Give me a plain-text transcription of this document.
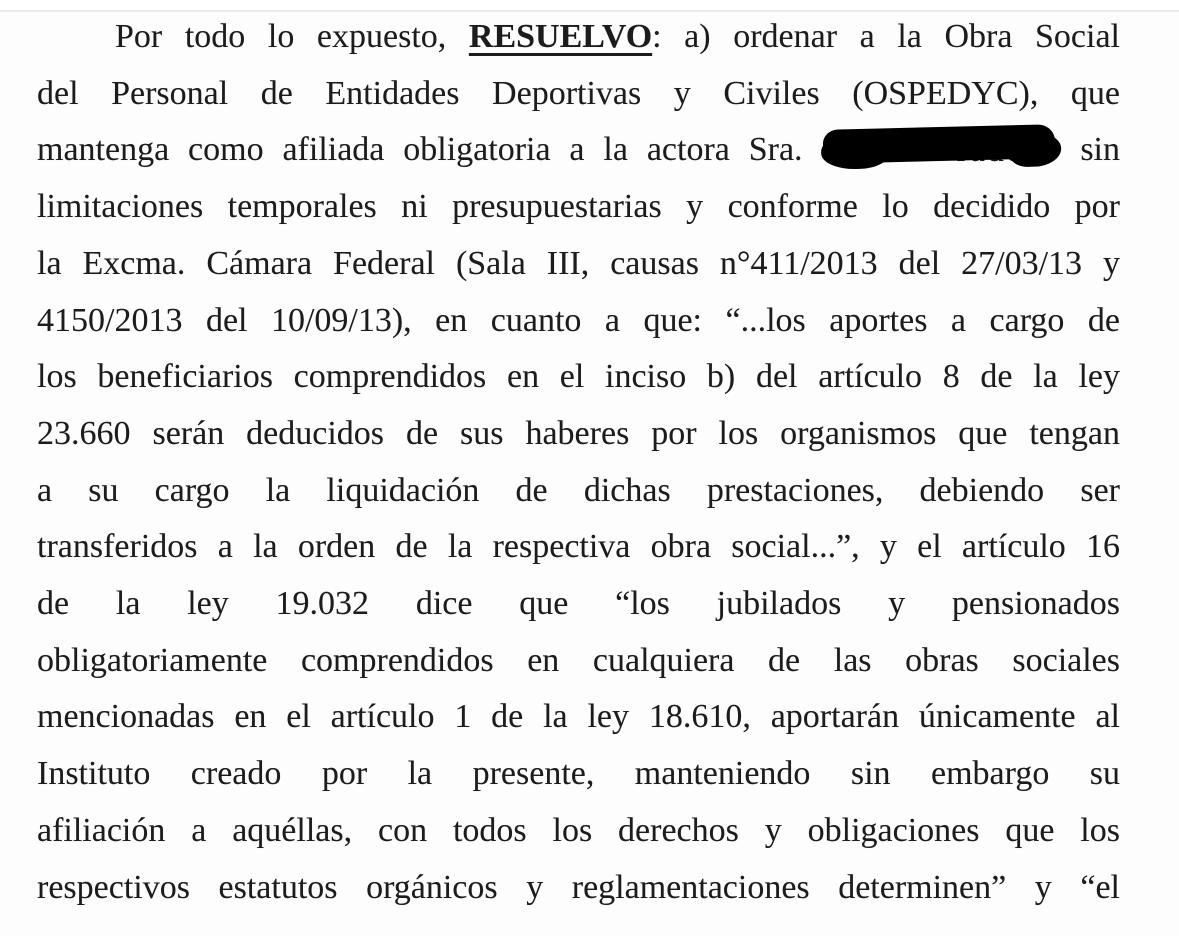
Por todo lo expuesto, RESUELVO: a) ordenar a la Obra Social
del Personal de Entidades Deportivas y Civiles (OSPEDYC), que
mantenga como afiliada obligatoria a la actora Sra.	sin
limitaciones temporales ni presupuestarias y conforme lo decidido por
la Excma. Cámara Federal (Sala III, causas n°411/2013 del 27/03/13 y
4150/2013 del 10/09/13), en cuanto a que: “...los aportes a cargo de
los beneficiarios comprendidos en el inciso b) del artículo 8 de la ley
23.660 serán deducidos de sus haberes por los organismos que tengan
a su cargo la liquidación de dichas prestaciones, debiendo ser
transferidos a la orden de la respectiva obra social...”, y el artículo 16
de la ley 19.032 dice que “los jubilados y pensionados
obligatoriamente comprendidos en cualquiera de las obras sociales
mencionadas en el artículo 1 de la ley 18.610, aportarán únicamente al
Instituto creado por la presente, manteniendo sin embargo su
afiliación a aquéllas, con todos los derechos y obligaciones que los
respectivos estatutos orgánicos y reglamentaciones determinen” y “el
